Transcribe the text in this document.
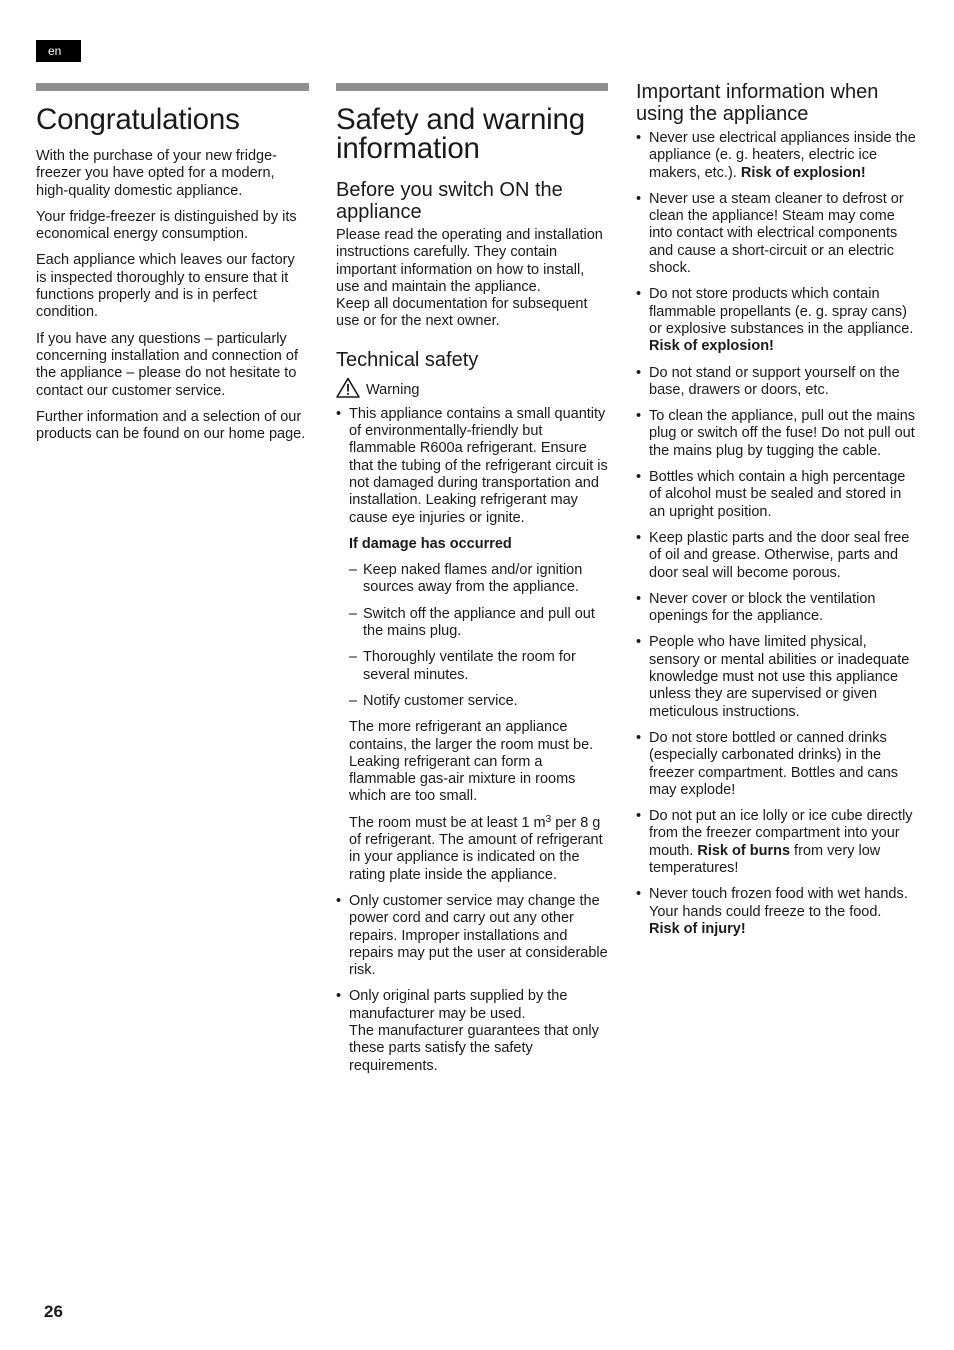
en
Congratulations

With the purchase of your new fridge-freezer you have opted for a modern, high-quality domestic appliance.

Your fridge-freezer is distinguished by its economical energy consumption.

Each appliance which leaves our factory is inspected thoroughly to ensure that it functions properly and is in perfect condition.

If you have any questions – particularly concerning installation and connection of the appliance – please do not hesitate to contact our customer service.

Further information and a selection of our products can be found on our home page.

Safety and warning information
Before you switch ON the appliance

Please read the operating and installation instructions carefully. They contain important information on how to install, use and maintain the appliance.

Keep all documentation for subsequent use or for the next owner.

Technical safety
Warning

• This appliance contains a small quantity of environmentally-friendly but flammable R600a refrigerant. Ensure that the tubing of the refrigerant circuit is not damaged during transportation and installation. Leaking refrigerant may cause eye injuries or ignite.

If damage has occurred

– Keep naked flames and/or ignition sources away from the appliance.
– Switch off the appliance and pull out the mains plug.
– Thoroughly ventilate the room for several minutes.
– Notify customer service.

The more refrigerant an appliance contains, the larger the room must be. Leaking refrigerant can form a flammable gas-air mixture in rooms which are too small.

The room must be at least 1 $m^3$ per 8 g of refrigerant. The amount of refrigerant in your appliance is indicated on the rating plate inside the appliance.

• Only customer service may change the power cord and carry out any other repairs. Improper installations and repairs may put the user at considerable risk.
• Only original parts supplied by the manufacturer may be used.
The manufacturer guarantees that only these parts satisfy the safety requirements.
Important information when using the appliance
• Never use electrical appliances inside the appliance (e. g. heaters, electric ice makers, etc.). Risk of explosion!
• Never use a steam cleaner to defrost or clean the appliance! Steam may come into contact with electrical components and cause a short-circuit or an electric shock.
• Do not store products which contain flammable propellants (e. g. spray cans) or explosive substances in the appliance. Risk of explosion!
• Do not stand or support yourself on the base, drawers or doors, etc.
• To clean the appliance, pull out the mains plug or switch off the fuse! Do not pull out the mains plug by tugging the cable.
• Bottles which contain a high percentage of alcohol must be sealed and stored in an upright position.
• Keep plastic parts and the door seal free of oil and grease. Otherwise, parts and door seal will become porous.
• Never cover or block the ventilation openings for the appliance.
• People who have limited physical, sensory or mental abilities or inadequate knowledge must not use this appliance unless they are supervised or given meticulous instructions.
• Do not store bottled or canned drinks (especially carbonated drinks) in the freezer compartment. Bottles and cans may explode!
• Do not put an ice lolly or ice cube directly from the freezer compartment into your mouth. Risk of burns from very low temperatures!
• Never touch frozen food with wet hands. Your hands could freeze to the food. Risk of injury!
26
